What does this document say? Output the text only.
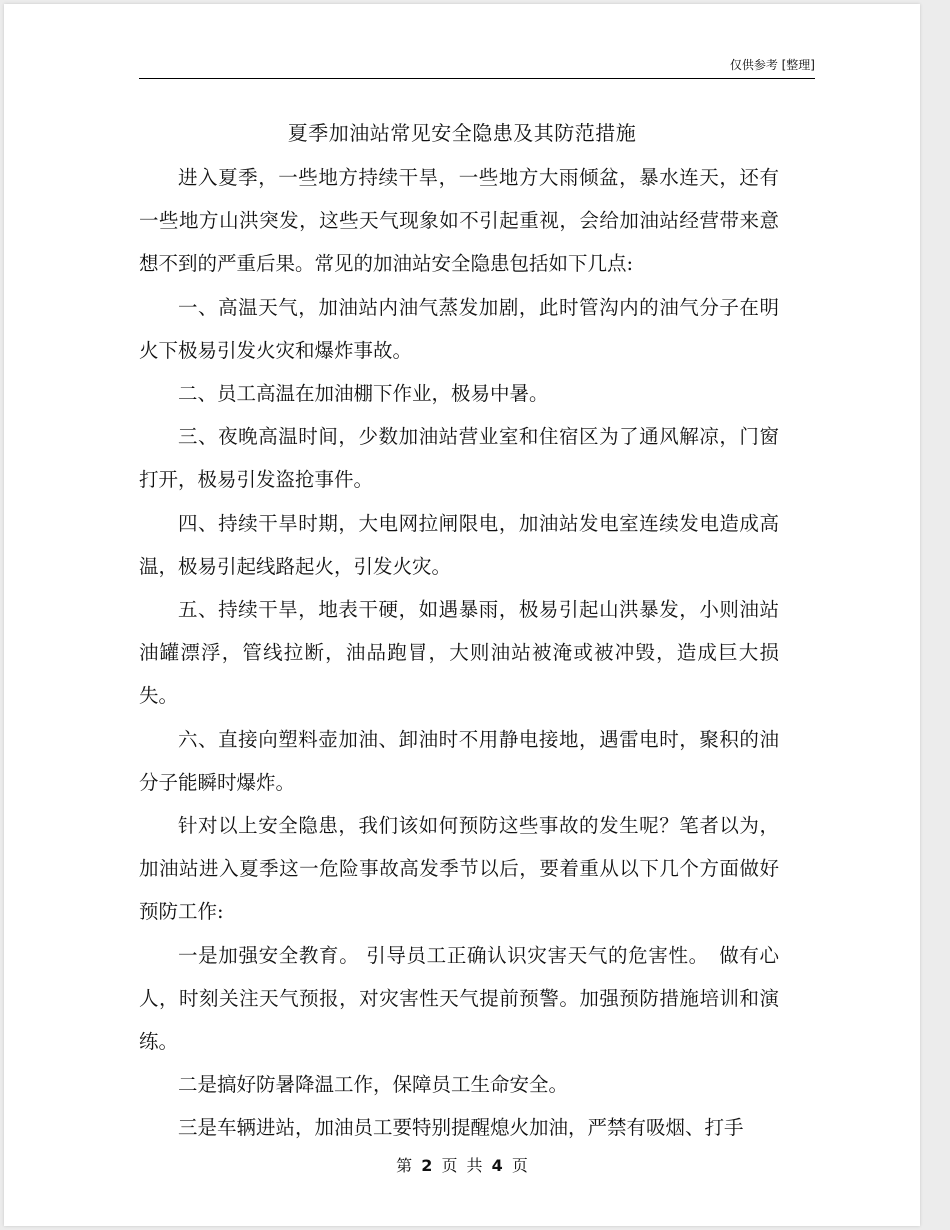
仅供参考 [整理]
夏季加油站常见安全隐患及其防范措施

进入夏季，一些地方持续干旱，一些地方大雨倾盆，暴水连天，还有一些地方山洪突发，这些天气现象如不引起重视，会给加油站经营带来意想不到的严重后果。常见的加油站安全隐患包括如下几点:

一、高温天气，加油站内油气蒸发加剧，此时管沟内的油气分子在明火下极易引发火灾和爆炸事故。

二、员工高温在加油棚下作业，极易中暑。

三、夜晚高温时间，少数加油站营业室和住宿区为了通风解凉，门窗打开，极易引发盗抢事件。

四、持续干旱时期，大电网拉闸限电，加油站发电室连续发电造成高温，极易引起线路起火，引发火灾。

五、持续干旱，地表干硬，如遇暴雨，极易引起山洪暴发，小则油站油罐漂浮，管线拉断，油品跑冒，大则油站被淹或被冲毁，造成巨大损失。

六、直接向塑料壶加油、卸油时不用静电接地，遇雷电时，聚积的油分子能瞬时爆炸。

针对以上安全隐患，我们该如何预防这些事故的发生呢？笔者以为，加油站进入夏季这一危险事故高发季节以后，要着重从以下几个方面做好预防工作:

一是加强安全教育。 引导员工正确认识灾害天气的危害性。　做有心人，时刻关注天气预报，对灾害性天气提前预警。加强预防措施培训和演练。

二是搞好防暑降温工作，保障员工生命安全。

三是车辆进站，加油员工要特别提醒熄火加油，严禁有吸烟、打手

第 2 页 共 4 页
